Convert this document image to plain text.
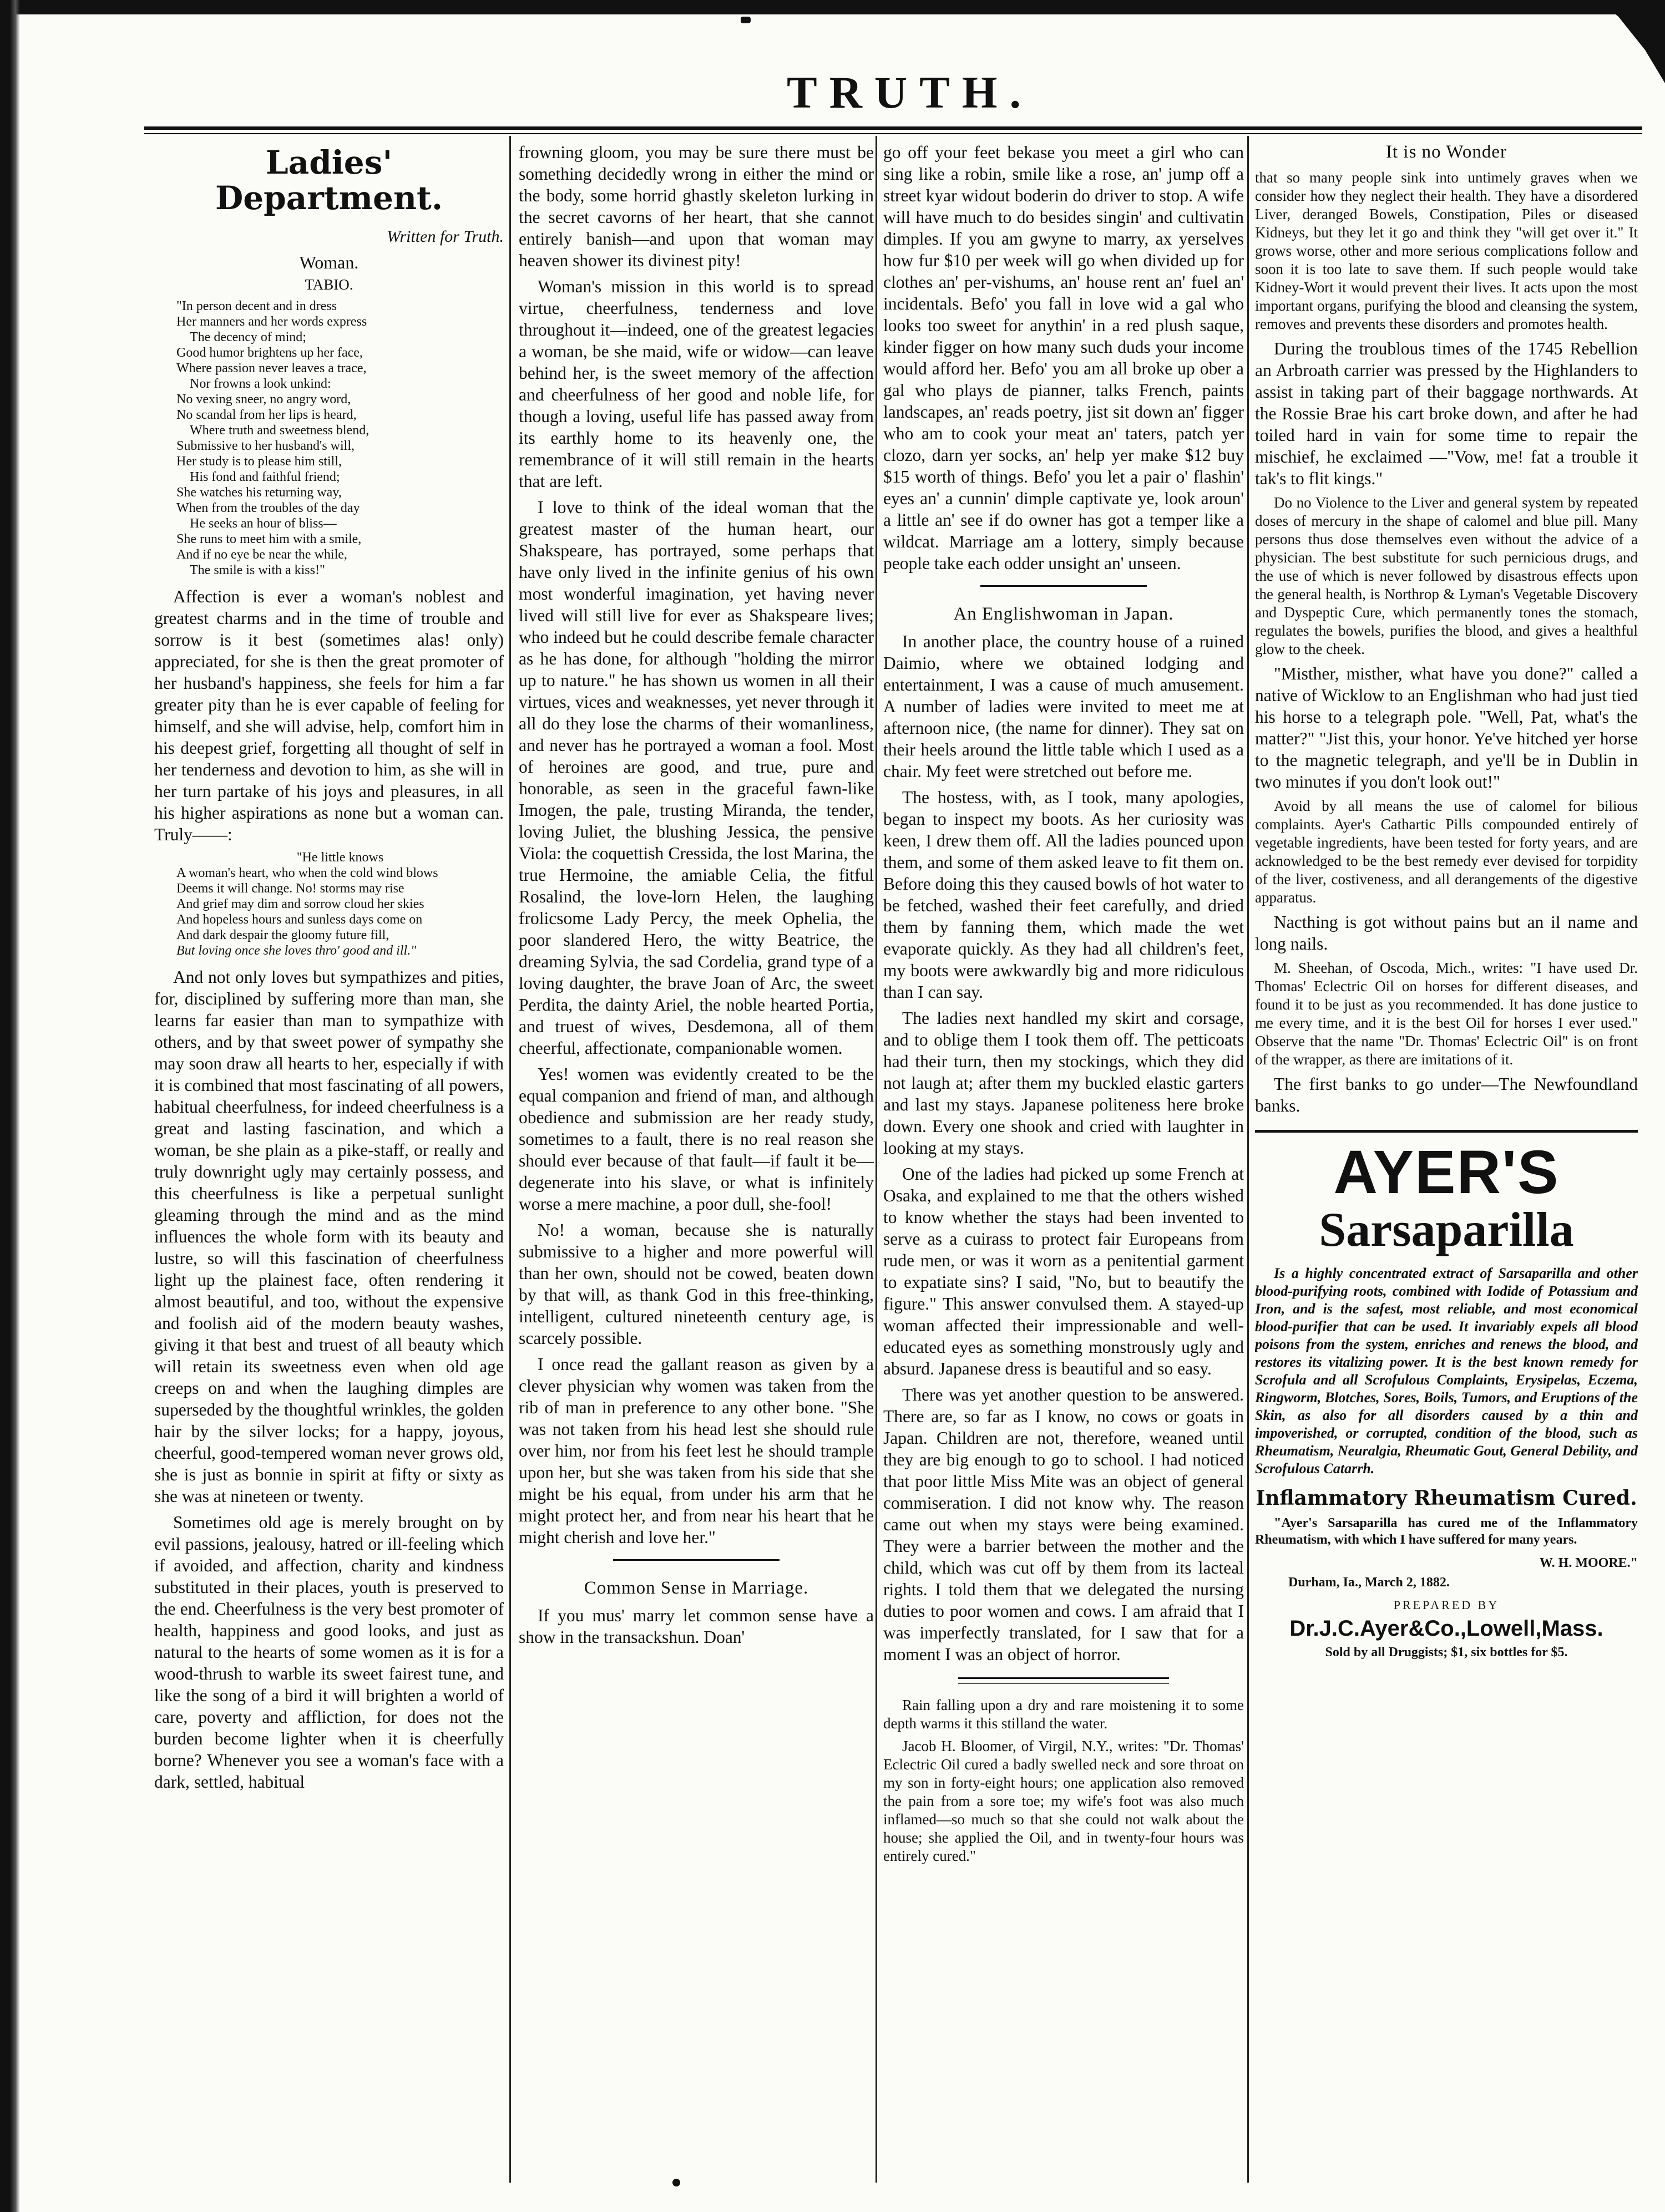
TRUTH.
Ladies' Department.

Written for Truth.

Woman.
TABIO.
"In person decent and in dress
Her manners and her words express
The decency of mind;
Good humor brightens up her face,
Where passion never leaves a trace,
Nor frowns a look unkind:
No vexing sneer, no angry word,
No scandal from her lips is heard,
Where truth and sweetness blend,
Submissive to her husband's will,
Her study is to please him still,
His fond and faithful friend;
She watches his returning way,
When from the troubles of the day
He seeks an hour of bliss—
She runs to meet him with a smile,
And if no eye be near the while,
The smile is with a kiss!"

Affection is ever a woman's noblest and greatest charms and in the time of trouble and sorrow is it best (sometimes alas! only) appreciated, for she is then the great promoter of her husband's happiness, she feels for him a far greater pity than he is ever capable of feeling for himself, and she will advise, help, comfort him in his deepest grief, forgetting all thought of self in her tenderness and devotion to him, as she will in her turn partake of his joys and pleasures, in all his higher aspirations as none but a woman can. Truly——:

"He little knows
A woman's heart, who when the cold wind blows
Deems it will change. No! storms may rise
And grief may dim and sorrow cloud her skies
And hopeless hours and sunless days come on
And dark despair the gloomy future fill,
But loving once she loves thro' good and ill."

And not only loves but sympathizes and pities, for, disciplined by suffering more than man, she learns far easier than man to sympathize with others, and by that sweet power of sympathy she may soon draw all hearts to her, especially if with it is combined that most fascinating of all powers, habitual cheerfulness, for indeed cheerfulness is a great and lasting fascination, and which a woman, be she plain as a pike-staff, or really and truly downright ugly may certainly possess, and this cheerfulness is like a perpetual sunlight gleaming through the mind and as the mind influences the whole form with its beauty and lustre, so will this fascination of cheerfulness light up the plainest face, often rendering it almost beautiful, and too, without the expensive and foolish aid of the modern beauty washes, giving it that best and truest of all beauty which will retain its sweetness even when old age creeps on and when the laughing dimples are superseded by the thoughtful wrinkles, the golden hair by the silver locks; for a happy, joyous, cheerful, good-tempered woman never grows old, she is just as bonnie in spirit at fifty or sixty as she was at nineteen or twenty.

Sometimes old age is merely brought on by evil passions, jealousy, hatred or ill-feeling which if avoided, and affection, charity and kindness substituted in their places, youth is preserved to the end. Cheerfulness is the very best promoter of health, happiness and good looks, and just as natural to the hearts of some women as it is for a wood-thrush to warble its sweet fairest tune, and like the song of a bird it will brighten a world of care, poverty and affliction, for does not the burden become lighter when it is cheerfully borne? Whenever you see a woman's face with a dark, settled, habitual

frowning gloom, you may be sure there must be something decidedly wrong in either the mind or the body, some horrid ghastly skeleton lurking in the secret cavorns of her heart, that she cannot entirely banish—and upon that woman may heaven shower its divinest pity!

Woman's mission in this world is to spread virtue, cheerfulness, tenderness and love throughout it—indeed, one of the greatest legacies a woman, be she maid, wife or widow—can leave behind her, is the sweet memory of the affection and cheerfulness of her good and noble life, for though a loving, useful life has passed away from its earthly home to its heavenly one, the remembrance of it will still remain in the hearts that are left.

I love to think of the ideal woman that the greatest master of the human heart, our Shakspeare, has portrayed, some perhaps that have only lived in the infinite genius of his own most wonderful imagination, yet having never lived will still live for ever as Shakspeare lives; who indeed but he could describe female character as he has done, for although "holding the mirror up to nature." he has shown us women in all their virtues, vices and weaknesses, yet never through it all do they lose the charms of their womanliness, and never has he portrayed a woman a fool. Most of heroines are good, and true, pure and honorable, as seen in the graceful fawn-like Imogen, the pale, trusting Miranda, the tender, loving Juliet, the blushing Jessica, the pensive Viola: the coquettish Cressida, the lost Marina, the true Hermoine, the amiable Celia, the fitful Rosalind, the love-lorn Helen, the laughing frolicsome Lady Percy, the meek Ophelia, the poor slandered Hero, the witty Beatrice, the dreaming Sylvia, the sad Cordelia, grand type of a loving daughter, the brave Joan of Arc, the sweet Perdita, the dainty Ariel, the noble hearted Portia, and truest of wives, Desdemona, all of them cheerful, affectionate, companionable women.

Yes! women was evidently created to be the equal companion and friend of man, and although obedience and submission are her ready study, sometimes to a fault, there is no real reason she should ever because of that fault—if fault it be—degenerate into his slave, or what is infinitely worse a mere machine, a poor dull, she-fool!

No! a woman, because she is naturally submissive to a higher and more powerful will than her own, should not be cowed, beaten down by that will, as thank God in this free-thinking, intelligent, cultured nineteenth century age, is scarcely possible.

I once read the gallant reason as given by a clever physician why women was taken from the rib of man in preference to any other bone. "She was not taken from his head lest she should rule over him, nor from his feet lest he should trample upon her, but she was taken from his side that she might be his equal, from under his arm that he might protect her, and from near his heart that he might cherish and love her."

Common Sense in Marriage.

If you mus' marry let common sense have a show in the transackshun. Doan'

go off your feet bekase you meet a girl who can sing like a robin, smile like a rose, an' jump off a street kyar widout boderin do driver to stop. A wife will have much to do besides singin' and cultivatin dimples. If you am gwyne to marry, ax yerselves how fur $10 per week will go when divided up for clothes an' per-vishums, an' house rent an' fuel an' incidentals. Befo' you fall in love wid a gal who looks too sweet for anythin' in a red plush saque, kinder figger on how many such duds your income would afford her. Befo' you am all broke up ober a gal who plays de pianner, talks French, paints landscapes, an' reads poetry, jist sit down an' figger who am to cook your meat an' taters, patch yer clozo, darn yer socks, an' help yer make $12 buy $15 worth of things. Befo' you let a pair o' flashin' eyes an' a cunnin' dimple captivate ye, look aroun' a little an' see if do owner has got a temper like a wildcat. Marriage am a lottery, simply because people take each odder unsight an' unseen.

An Englishwoman in Japan.

In another place, the country house of a ruined Daimio, where we obtained lodging and entertainment, I was a cause of much amusement. A number of ladies were invited to meet me at afternoon nice, (the name for dinner). They sat on their heels around the little table which I used as a chair. My feet were stretched out before me.

The hostess, with, as I took, many apologies, began to inspect my boots. As her curiosity was keen, I drew them off. All the ladies pounced upon them, and some of them asked leave to fit them on. Before doing this they caused bowls of hot water to be fetched, washed their feet carefully, and dried them by fanning them, which made the wet evaporate quickly. As they had all children's feet, my boots were awkwardly big and more ridiculous than I can say.

The ladies next handled my skirt and corsage, and to oblige them I took them off. The petticoats had their turn, then my stockings, which they did not laugh at; after them my buckled elastic garters and last my stays. Japanese politeness here broke down. Every one shook and cried with laughter in looking at my stays.

One of the ladies had picked up some French at Osaka, and explained to me that the others wished to know whether the stays had been invented to serve as a cuirass to protect fair Europeans from rude men, or was it worn as a penitential garment to expatiate sins? I said, "No, but to beautify the figure." This answer convulsed them. A stayed-up woman affected their impressionable and well-educated eyes as something monstrously ugly and absurd. Japanese dress is beautiful and so easy.

There was yet another question to be answered. There are, so far as I know, no cows or goats in Japan. Children are not, therefore, weaned until they are big enough to go to school. I had noticed that poor little Miss Mite was an object of general commiseration. I did not know why. The reason came out when my stays were being examined. They were a barrier between the mother and the child, which was cut off by them from its lacteal rights. I told them that we delegated the nursing duties to poor women and cows. I am afraid that I was imperfectly translated, for I saw that for a moment I was an object of horror.

Rain falling upon a dry and rare moistening it to some depth warms it this stilland the water.

Jacob H. Bloomer, of Virgil, N.Y., writes: "Dr. Thomas' Eclectric Oil cured a badly swelled neck and sore throat on my son in forty-eight hours; one application also removed the pain from a sore toe; my wife's foot was also much inflamed—so much so that she could not walk about the house; she applied the Oil, and in twenty-four hours was entirely cured."

It is no Wonder

that so many people sink into untimely graves when we consider how they neglect their health. They have a disordered Liver, deranged Bowels, Constipation, Piles or diseased Kidneys, but they let it go and think they "will get over it." It grows worse, other and more serious complications follow and soon it is too late to save them. If such people would take Kidney-Wort it would prevent their lives. It acts upon the most important organs, purifying the blood and cleansing the system, removes and prevents these disorders and promotes health.

During the troublous times of the 1745 Rebellion an Arbroath carrier was pressed by the Highlanders to assist in taking part of their baggage northwards. At the Rossie Brae his cart broke down, and after he had toiled hard in vain for some time to repair the mischief, he exclaimed —"Vow, me! fat a trouble it tak's to flit kings."

Do no Violence to the Liver and general system by repeated doses of mercury in the shape of calomel and blue pill. Many persons thus dose themselves even without the advice of a physician. The best substitute for such pernicious drugs, and the use of which is never followed by disastrous effects upon the general health, is Northrop & Lyman's Vegetable Discovery and Dyspeptic Cure, which permanently tones the stomach, regulates the bowels, purifies the blood, and gives a healthful glow to the cheek.

"Misther, misther, what have you done?" called a native of Wicklow to an Englishman who had just tied his horse to a telegraph pole. "Well, Pat, what's the matter?" "Jist this, your honor. Ye've hitched yer horse to the magnetic telegraph, and ye'll be in Dublin in two minutes if you don't look out!"

Avoid by all means the use of calomel for bilious complaints. Ayer's Cathartic Pills compounded entirely of vegetable ingredients, have been tested for forty years, and are acknowledged to be the best remedy ever devised for torpidity of the liver, costiveness, and all derangements of the digestive apparatus.

Nacthing is got without pains but an il name and long nails.

M. Sheehan, of Oscoda, Mich., writes: "I have used Dr. Thomas' Eclectric Oil on horses for different diseases, and found it to be just as you recommended. It has done justice to me every time, and it is the best Oil for horses I ever used." Observe that the name "Dr. Thomas' Eclectric Oil" is on front of the wrapper, as there are imitations of it.

The first banks to go under—The Newfoundland banks.

AYER'S
Sarsaparilla

Is a highly concentrated extract of Sarsaparilla and other blood-purifying roots, combined with Iodide of Potassium and Iron, and is the safest, most reliable, and most economical blood-purifier that can be used. It invariably expels all blood poisons from the system, enriches and renews the blood, and restores its vitalizing power. It is the best known remedy for Scrofula and all Scrofulous Complaints, Erysipelas, Eczema, Ringworm, Blotches, Sores, Boils, Tumors, and Eruptions of the Skin, as also for all disorders caused by a thin and impoverished, or corrupted, condition of the blood, such as Rheumatism, Neuralgia, Rheumatic Gout, General Debility, and Scrofulous Catarrh.

Inflammatory Rheumatism Cured.

"Ayer's Sarsaparilla has cured me of the Inflammatory Rheumatism, with which I have suffered for many years.

W. H. MOORE."
Durham, Ia., March 2, 1882.
PREPARED BY
Dr.J.C.Ayer&Co.,Lowell,Mass.
Sold by all Druggists; $1, six bottles for $5.
